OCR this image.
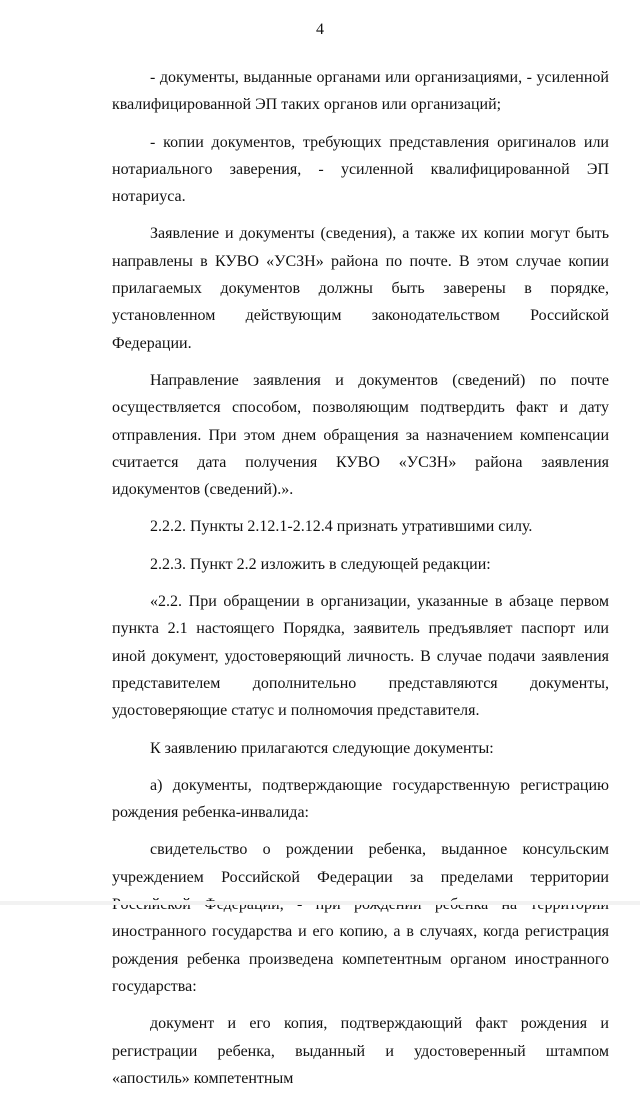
4

- документы, выданные органами или организациями, - усиленной квалифицированной ЭП таких органов или организаций;

- копии документов, требующих представления оригиналов или нотариального заверения, - усиленной квалифицированной ЭП нотариуса.

Заявление и документы (сведения), а также их копии могут быть направлены в КУВО «УСЗН» района по почте. В этом случае копии прилагаемых документов должны быть заверены в порядке, установленном действующим законодательством Российской Федерации.

Направление заявления и документов (сведений) по почте осуществляется способом, позволяющим подтвердить факт и дату отправления. При этом днем обращения за назначением компенсации считается дата получения КУВО «УСЗН» района заявления идокументов (сведений).».

2.2.2. Пункты 2.12.1-2.12.4 признать утратившими силу.

2.2.3. Пункт 2.2 изложить в следующей редакции:

«2.2. При обращении в организации, указанные в абзаце первом пункта 2.1 настоящего Порядка, заявитель предъявляет паспорт или иной документ, удостоверяющий личность. В случае подачи заявления представителем дополнительно представляются документы, удостоверяющие статус и полномочия представителя.

К заявлению прилагаются следующие документы:

а) документы, подтверждающие государственную регистрацию рождения ребенка-инвалида:

свидетельство о рождении ребенка, выданное консульским учреждением Российской Федерации за пределами территории иностранного государства и его копию, а в случаях, когда регистрация рождения ребенка произведена компетентным органом иностранного государства:

документ и его копия, подтверждающий факт рождения и регистрации ребенка, выданный и удостоверенный штампом «апостиль» компетентным
